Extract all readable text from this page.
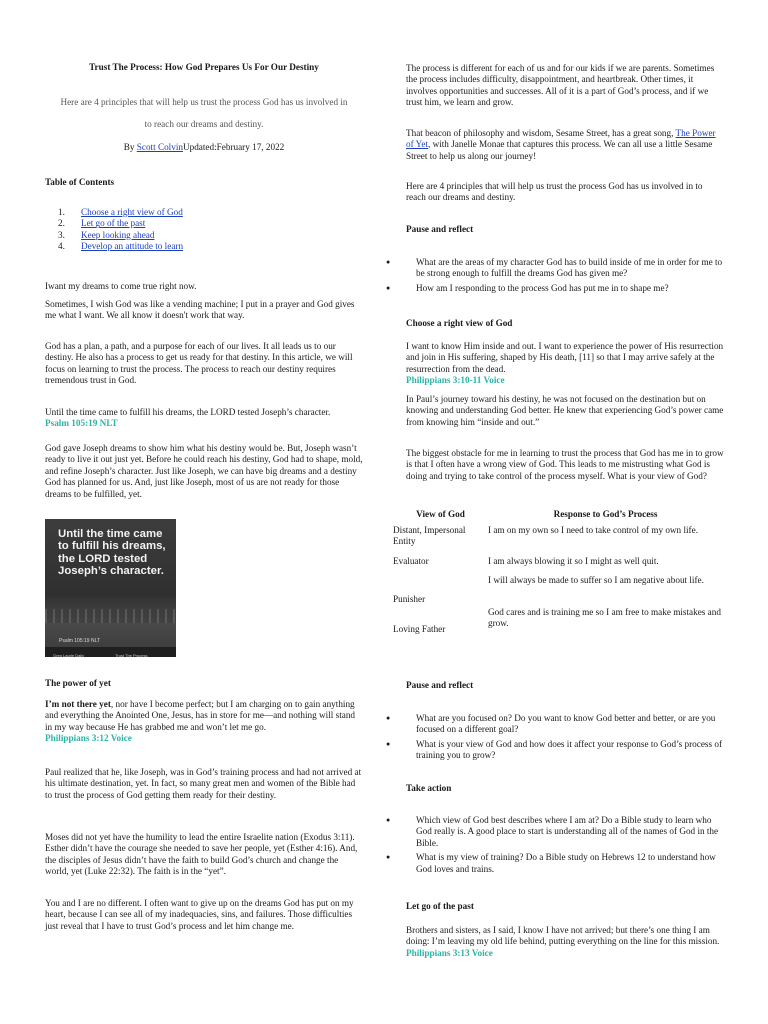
Trust The Process: How God Prepares Us For Our Destiny

Here are 4 principles that will help us trust the process God has us involved in

to reach our dreams and destiny.

By Scott ColvinUpdated:February 17, 2022

Table of Contents

1. Choose a right view of God
2. Let go of the past
3. Keep looking ahead
4. Develop an attitude to learn

Iwant my dreams to come true right now.

Sometimes, I wish God was like a vending machine; I put in a prayer and God gives me what I want. We all know it doesn't work that way.

God has a plan, a path, and a purpose for each of our lives. It all leads us to our destiny. He also has a process to get us ready for that destiny. In this article, we will focus on learning to trust the process. The process to reach our destiny requires tremendous trust in God.

Until the time came to fulfill his dreams, the LORD tested Joseph’s character.
Psalm 105:19 NLT

God gave Joseph dreams to show him what his destiny would be. But, Joseph wasn’t ready to live it out just yet. Before he could reach his destiny, God had to shape, mold, and refine Joseph’s character. Just like Joseph, we can have big dreams and a destiny God has planned for us. And, just like Joseph, most of us are not ready for those dreams to be fulfilled, yet.

Until the time came to fulfill his dreams, the LORD tested Joseph’s character.
Psalm 105:19 NLT
Greg Laurie Daily	Trust The Process

The power of yet

I’m not there yet, nor have I become perfect; but I am charging on to gain anything and everything the Anointed One, Jesus, has in store for me—and nothing will stand in my way because He has grabbed me and won’t let me go.
Philippians 3:12 Voice

Paul realized that he, like Joseph, was in God’s training process and had not arrived at his ultimate destination, yet. In fact, so many great men and women of the Bible had to trust the process of God getting them ready for their destiny.

Moses did not yet have the humility to lead the entire Israelite nation (Exodus 3:11). Esther didn’t have the courage she needed to save her people, yet (Esther 4:16). And, the disciples of Jesus didn’t have the faith to build God’s church and change the world, yet (Luke 22:32). The faith is in the “yet”.

You and I are no different. I often want to give up on the dreams God has put on my heart, because I can see all of my inadequacies, sins, and failures. Those difficulties just reveal that I have to trust God’s process and let him change me.

The process is different for each of us and for our kids if we are parents. Sometimes the process includes difficulty, disappointment, and heartbreak. Other times, it involves opportunities and successes. All of it is a part of God’s process, and if we trust him, we learn and grow.

That beacon of philosophy and wisdom, Sesame Street, has a great song, The Power of Yet, with Janelle Monae that captures this process. We can all use a little Sesame Street to help us along our journey!

Here are 4 principles that will help us trust the process God has us involved in to reach our dreams and destiny.

Pause and reflect

● What are the areas of my character God has to build inside of me in order for me to be strong enough to fulfill the dreams God has given me?
● How am I responding to the process God has put me in to shape me?

Choose a right view of God

I want to know Him inside and out. I want to experience the power of His resurrection and join in His suffering, shaped by His death, [11] so that I may arrive safely at the resurrection from the dead.
Philippians 3:10-11 Voice

In Paul’s journey toward his destiny, he was not focused on the destination but on knowing and understanding God better. He knew that experiencing God’s power came from knowing him “inside and out.”

The biggest obstacle for me in learning to trust the process that God has me in to grow is that I often have a wrong view of God. This leads to me mistrusting what God is doing and trying to take control of the process myself. What is your view of God?

View of God	Response to God’s Process
Distant, Impersonal Entity	I am on my own so I need to take control of my own life.
Evaluator	I am always blowing it so I might as well quit.
Punisher	I will always be made to suffer so I am negative about life.
Loving Father	God cares and is training me so I am free to make mistakes and grow.

Pause and reflect

● What are you focused on? Do you want to know God better and better, or are you focused on a different goal?
● What is your view of God and how does it affect your response to God’s process of training you to grow?

Take action

● Which view of God best describes where I am at? Do a Bible study to learn who God really is. A good place to start is understanding all of the names of God in the Bible.
● What is my view of training? Do a Bible study on Hebrews 12 to understand how God loves and trains.

Let go of the past

Brothers and sisters, as I said, I know I have not arrived; but there’s one thing I am doing: I’m leaving my old life behind, putting everything on the line for this mission.
Philippians 3:13 Voice
